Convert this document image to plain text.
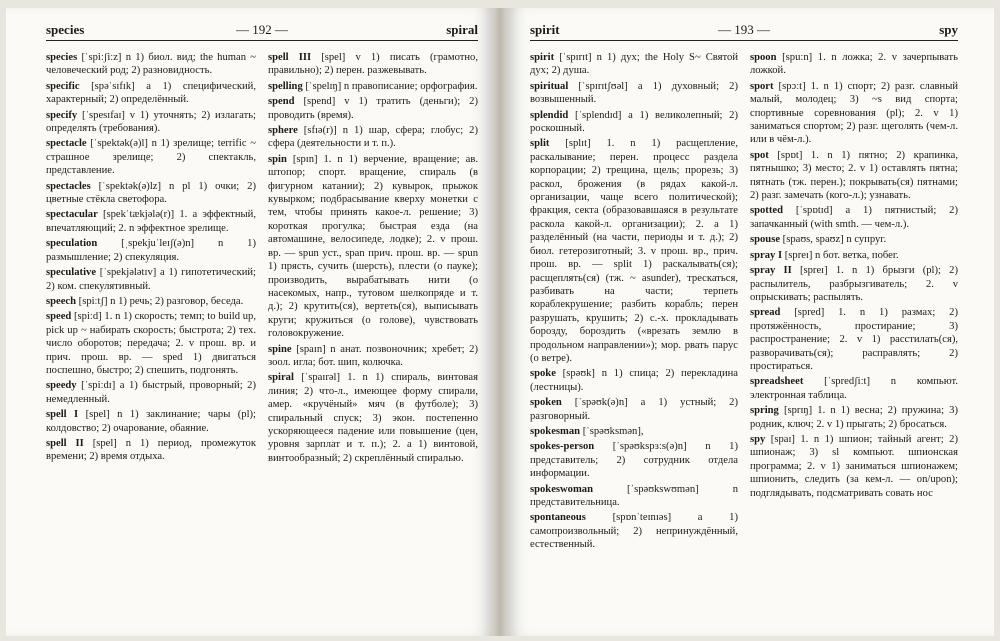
species	— 192 —	spiral

species [ˈspiːʃiːz] n 1) биол. вид; the human ~ человеческий род; 2) разновидность.

specific [spəˈsɪfɪk] a 1) специфический, характерный; 2) определённый.

specify [ˈspesɪfaɪ] v 1) уточнять; 2) излагать; определять (требования).

spectacle [ˈspektək(ə)l] n 1) зрелище; terrific ~ страшное зрелище; 2) спектакль, представление.

spectacles [ˈspektək(ə)lz] n pl 1) очки; 2) цветные стёкла светофора.

spectacular [spekˈtækjələ(r)] 1. a эффектный, впечатляющий; 2. n эффектное зрелище.

speculation [ˌspekjuˈleɪʃ(ə)n] n 1) размышление; 2) спекуляция.

speculative [ˈspekjələtɪv] a 1) гипотетический; 2) ком. спекулятивный.

speech [spiːtʃ] n 1) речь; 2) разговор, беседа.

speed [spiːd] 1. n 1) скорость; темп; to build up, pick up ~ набирать скорость; быстрота; 2) тех. число оборотов; передача; 2. v прош. вр. и прич. прош. вр. — sped 1) двигаться поспешно, быстро; 2) спешить, подгонять.

speedy [ˈspiːdɪ] a 1) быстрый, проворный; 2) немедленный.

spell I [spel] n 1) заклинание; чары (pl); колдовство; 2) очарование, обаяние.

spell II [spel] n 1) период, промежуток времени; 2) время отдыха.

spell III [spel] v 1) писать (грамотно, правильно); 2) перен. разжевывать.

spelling [ˈspelɪŋ] n правописание; орфография.

spend [spend] v 1) тратить (деньги); 2) проводить (время).

sphere [sfɪə(r)] n 1) шар, сфера; глобус; 2) сфера (деятельности и т. п.).

spin [spɪn] 1. n 1) верчение, вращение; ав. штопор; спорт. вращение, спираль (в фигурном катании); 2) кувырок, прыжок кувырком; подбрасывание кверху монетки с тем, чтобы принять какое-л. решение; 3) короткая прогулка; быстрая езда (на автомашине, велосипеде, лодке); 2. v прош. вр. — spun уст., span прич. прош. вр. — spun 1) прясть, сучить (шерсть), плести (о пауке); производить, вырабатывать нити (о насекомых, напр., тутовом шелкопряде и т. д.); 2) крутить(ся), вертеть(ся), выписывать круги; кружиться (о голове), чувствовать головокружение.

spine [spaɪn] n анат. позвоночник; хребет; 2) зоол. игла; бот. шип, колючка.

spiral [ˈspaɪrəl] 1. n 1) спираль, винтовая линия; 2) что-л., имеющее форму спирали, амер. «кручёный» мяч (в футболе); 3) спиральный спуск; 3) экон. постепенно ускоряющееся падение или повышение (цен, уровня зарплат и т. п.); 2. a 1) винтовой, винтообразный; 2) скреплённый спиралью.

spirit	— 193 —	spy

spirit [ˈspɪrɪt] n 1) дух; the Holy S~ Святой дух; 2) душа.

spiritual [ˈspɪrɪtʃʊəl] a 1) духовный; 2) возвышенный.

splendid [ˈsplendɪd] a 1) великолепный; 2) роскошный.

split [splɪt] 1. n 1) расщепление, раскалывание; перен. процесс раздела корпорации; 2) трещина, щель; прорезь; 3) раскол, брожения (в рядах какой-л. организации, чаще всего политической); фракция, секта (образовавшаяся в результате раскола какой-л. организации); 2. a 1) разделённый (на части, периоды и т. д.); 2) биол. гетерозиготный; 3. v прош. вр., прич. прош. вр. — split 1) раскалывать(ся); расщеплять(ся) (тж. ~ asunder), трескаться, разбивать на части; терпеть кораблекрушение; разбить корабль; перен разрушать, крушить; 2) с.-х. прокладывать борозду, бороздить («врезать землю в продольном направлении»); мор. рвать парус (о ветре).

spoke [spəʊk] n 1) спица; 2) перекладина (лестницы).

spoken [ˈspəʊk(ə)n] a 1) устный; 2) разговорный.

spokesman [ˈspəʊksmən],

spokes-person [ˈspəʊkspɜːs(ə)n] n 1) представитель; 2) сотрудник отдела информации.

spokeswoman [ˈspəʊkswʊmən] n представительница.

spontaneous [spɒnˈteɪnɪəs] a 1) самопроизвольный; 2) непринуждённый, естественный.

spoon [spuːn] 1. n ложка; 2. v зачерпывать ложкой.

sport [spɔːt] 1. n 1) спорт; 2) разг. славный малый, молодец; 3) ~s вид спорта; спортивные соревнования (pl); 2. v 1) заниматься спортом; 2) разг. щеголять (чем-л. или в чём-л.).

spot [spɒt] 1. n 1) пятно; 2) крапинка, пятнышко; 3) место; 2. v 1) оставлять пятна; пятнать (тж. перен.); покрывать(ся) пятнами; 2) разг. замечать (кого-л.); узнавать.

spotted [ˈspɒtɪd] a 1) пятнистый; 2) запачканный (with smth. — чем-л.).

spouse [spaʊs, spaʊz] n супруг.

spray I [spreɪ] n бот. ветка, побег.

spray II [spreɪ] 1. n 1) брызги (pl); 2) распылитель, разбрызгиватель; 2. v опрыскивать; распылять.

spread [spred] 1. n 1) размах; 2) протяжённость, простирание; 3) распространение; 2. v 1) расстилать(ся), разворачивать(ся); расправлять; 2) простираться.

spreadsheet [ˈspredʃiːt] n компьют. электронная таблица.

spring [sprɪŋ] 1. n 1) весна; 2) пружина; 3) родник, ключ; 2. v 1) прыгать; 2) бросаться.

spy [spaɪ] 1. n 1) шпион; тайный агент; 2) шпионаж; 3) sl компьют. шпионская программа; 2. v 1) заниматься шпионажем; шпионить, следить (за кем-л. — on/upon); подглядывать, подсматривать совать нос
